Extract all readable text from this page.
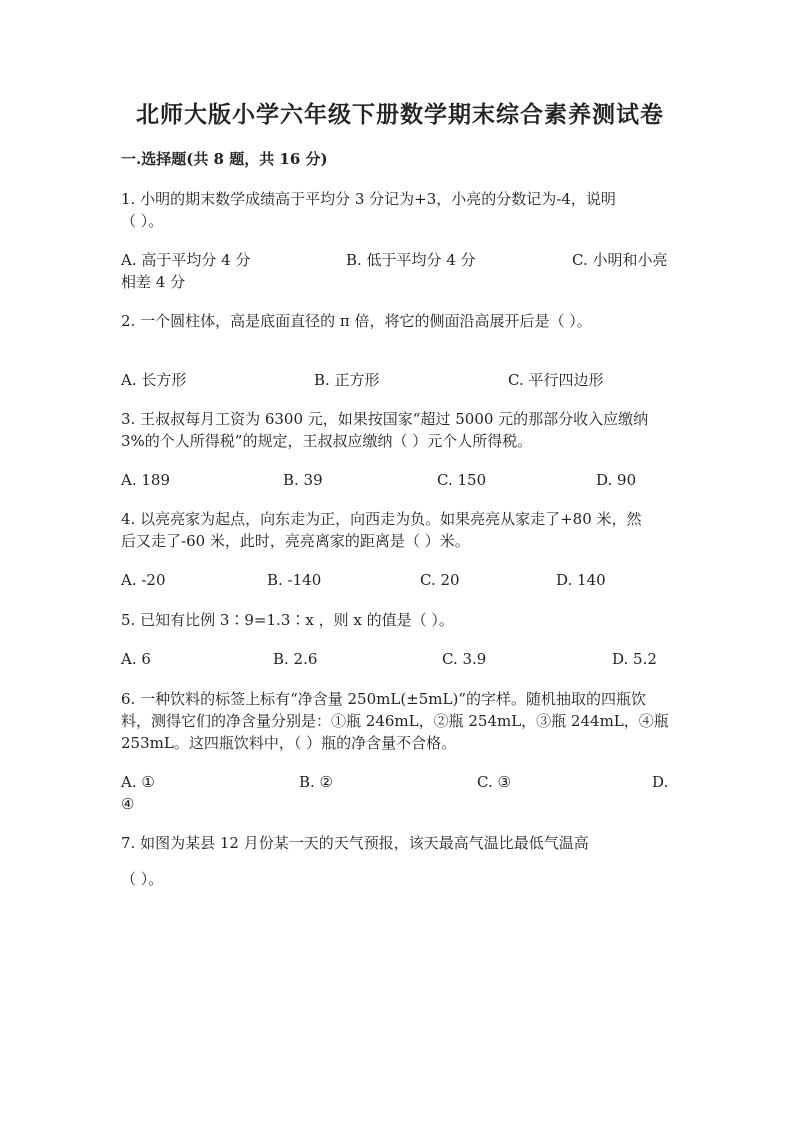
北师大版小学六年级下册数学期末综合素养测试卷
一.选择题(共 8 题，共 16 分)
1. 小明的期末数学成绩高于平均分 3 分记为+3，小亮的分数记为-4，说明
（ ）。
A. 高于平均分 4 分	B. 低于平均分 4 分	C. 小明和小亮
相差 4 分
2. 一个圆柱体，高是底面直径的 π 倍，将它的侧面沿高展开后是（ ）。
A. 长方形	B. 正方形	C. 平行四边形
3. 王叔叔每月工资为 6300 元，如果按国家“超过 5000 元的那部分收入应缴纳
3%的个人所得税”的规定，王叔叔应缴纳（ ）元个人所得税。
A. 189	B. 39	C. 150	D. 90
4. 以亮亮家为起点，向东走为正，向西走为负。如果亮亮从家走了+80 米，然
后又走了-60 米，此时，亮亮离家的距离是（ ）米。
A. -20	B. -140	C. 20	D. 140
5. 已知有比例 3∶9=1.3∶x ，则 x 的值是（ ）。
A. 6	B. 2.6	C. 3.9	D. 5.2
6. 一种饮料的标签上标有“净含量 250mL(±5mL)”的字样。随机抽取的四瓶饮
料，测得它们的净含量分别是：①瓶 246mL，②瓶 254mL，③瓶 244mL，④瓶
253mL。这四瓶饮料中，（ ）瓶的净含量不合格。
A. ①	B. ②	C. ③	D.
④
7. 如图为某县 12 月份某一天的天气预报，该天最高气温比最低气温高
（ ）。
